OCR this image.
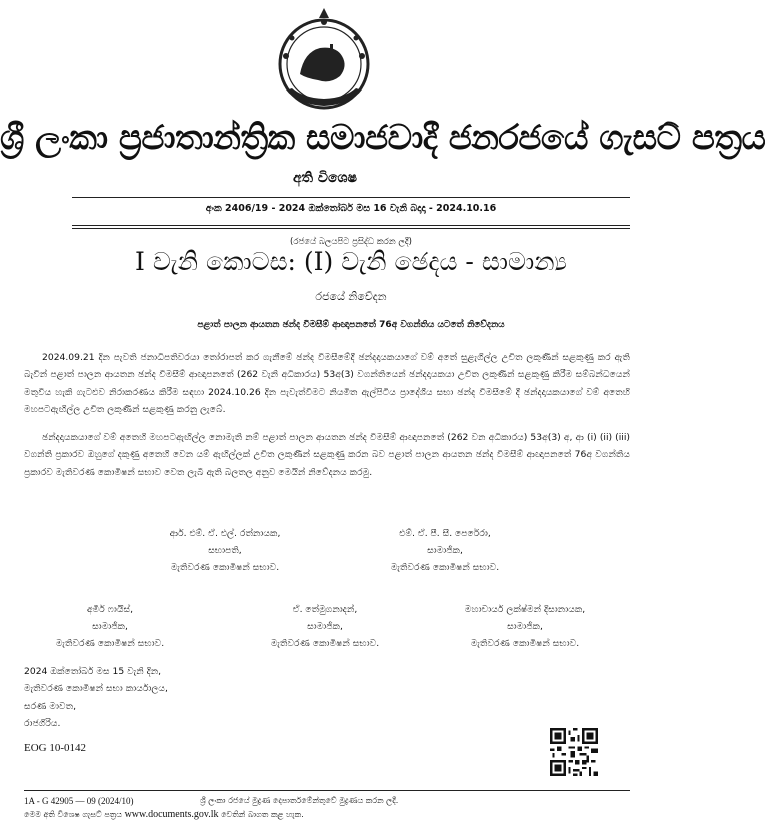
ශ්‍රී ලංකා ප්‍රජාතාන්ත්‍රික සමාජවාදී ජනරජයේ ගැසට් පත්‍රය
අති විශෙෂ
අංක 2406/19 - 2024 ඔක්තෝබර් මස 16 වැනි බදාදා - 2024.10.16
(රජයේ බලයපිට ප්‍රසිද්ධ කරන ලදී)
I වැනි කොටස: (I) වැනි ඡෙදය - සාමාන්‍ය
රජයේ නිවේදන
පළාත් පාලන ආයතන ඡන්ද විමසීම් ආඥාපනතේ 76අ වගන්තිය යටතේ නිවේදනය
2024.09.21 දින පැවති ජනාධිපතිවරයා තෝරාපත් කර ගැනීමේ ඡන්ද විමසීමේදී ඡන්දදායකයාගේ වම් අතේ සුළැගිල්ල උචිත ලකුණින් සළකුණු කර ඇති බැවින් පළාත් පාලන ආයතන ඡන්ද විමසීම් ආඥාපනතේ (262 වැනි අධිකාරය) 53අ(3) වගන්තියෙන් ඡන්දදායකයා උචිත ලකුණින් සළකුණු කිරීම සම්බන්ධයෙන් මතුවිය හැකි ගැටළුව නිරාකරණය කිරීම සඳහා 2024.10.26 දින පැවැත්වීමට නියමිත ඇල්පිටිය ප්‍රාදේශීය සභා ඡන්ද විමසීමේ දී ඡන්දදායකයාගේ වම් අතෙහි මහපටඇඟිල්ල උචිත ලකුණින් සළකුණු කරනු ලැබේ.
ඡන්දදායකයාගේ වම් අතෙහි මහපටඇඟිල්ල නොමැති නම් පළාත් පාලන ආයතන ඡන්ද විමසීම් ආඥාපනතේ (262 වන අධිකාරය) 53අ(3) අ, ආ (i) (ii) (iii) වගන්ති ප්‍රකාරව ඔහුගේ දකුණු අතෙහි වෙන යම් ඇඟිල්ලක් උචිත ලකුණින් සළකුණු කරන බව පළාත් පාලන ආයතන ඡන්ද විමසීම් ආඥාපනතේ 76අ වගන්තිය ප්‍රකාරව මැතිවරණ කොමිෂන් සභාව වෙත ලැබී ඇති බලතල අනුව මෙයින් නිවේදනය කරමු.
ආර්. එම්. ඒ. එල්. රත්නායක,
සභාපති,
මැතිවරණ කොමිෂන් සභාව.
එම්. ඒ. පී. සී. පෙරේරා,
සාමාජික,
මැතිවරණ කොමිෂන් සභාව.
අමීර් ෆායිස්,
සාමාජික,
මැතිවරණ කොමිෂන් සභාව.
ඒ. තේමුගනාදන්,
සාමාජික,
මැතිවරණ කොමිෂන් සභාව.
මහාචාර්ය ලක්ෂ්මන් දිසානායක,
සාමාජික,
මැතිවරණ කොමිෂන් සභාව.
2024 ඔක්තෝබර් මස 15 වැනි දින,
මැතිවරණ කොමිෂන් සභා කාර්යාලය,
සරණ මාවත,
රාජගිරිය.
EOG 10-0142
1A - G 42905 — 09 (2024/10)	ශ්‍රී ලංකා රජයේ මුද්‍රණ දෙපාර්තමේන්තුවේ මුද්‍රණය කරන ලදී.
මෙම අති විශෙෂ ගැසට් පත්‍රය www.documents.gov.lk වෙතින් බාගත කළ හැක.
